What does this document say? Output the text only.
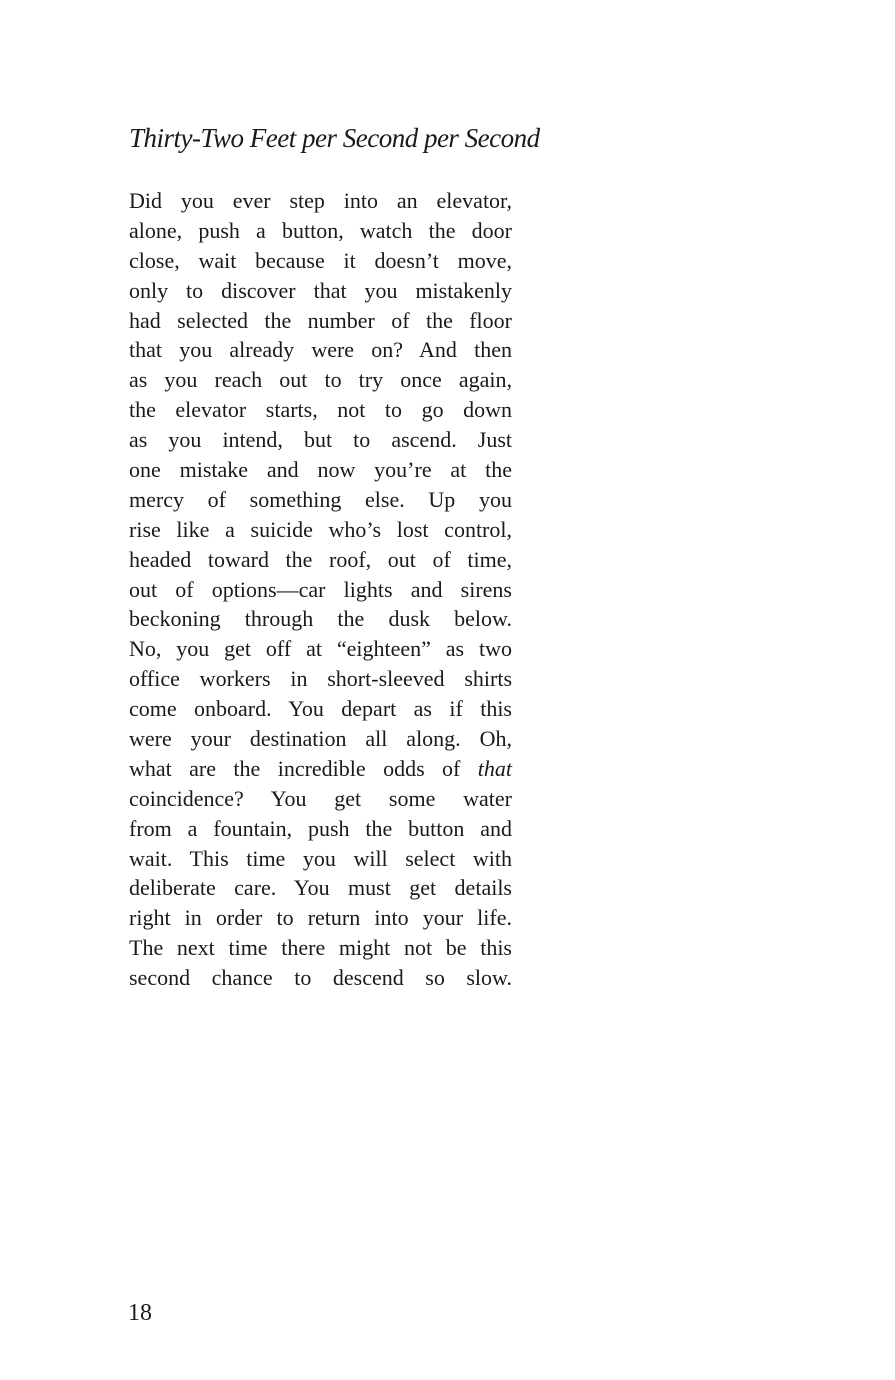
Thirty-Two Feet per Second per Second
Did you ever step into an elevator,
alone, push a button, watch the door
close, wait because it doesn’t move,
only to discover that you mistakenly
had selected the number of the floor
that you already were on? And then
as you reach out to try once again,
the elevator starts, not to go down
as you intend, but to ascend. Just
one mistake and now you’re at the
mercy of something else. Up you
rise like a suicide who’s lost control,
headed toward the roof, out of time,
out of options—car lights and sirens
beckoning through the dusk below.
No, you get off at “eighteen” as two
office workers in short-sleeved shirts
come onboard. You depart as if this
were your destination all along. Oh,
what are the incredible odds of that
coincidence? You get some water
from a fountain, push the button and
wait. This time you will select with
deliberate care. You must get details
right in order to return into your life.
The next time there might not be this
second chance to descend so slow.
18
